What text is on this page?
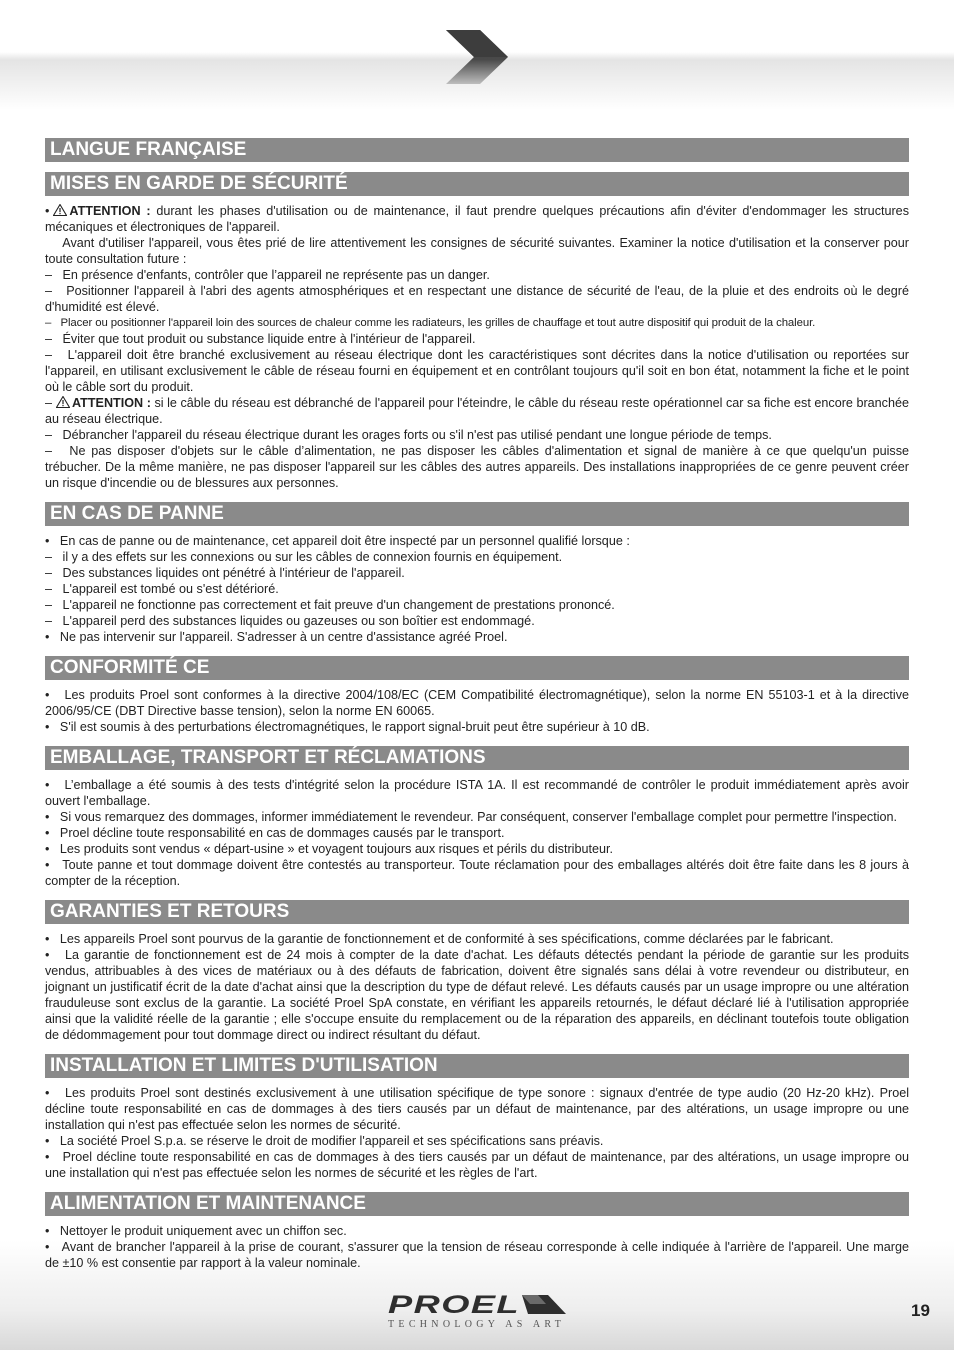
LANGUE FRANÇAISE
MISES EN GARDE DE SÉCURITÉ

• ATTENTION : durant les phases d'utilisation ou de maintenance, il faut prendre quelques précautions afin d'éviter d'endommager les structures mécaniques et électroniques de l'appareil.

Avant d'utiliser l'appareil, vous êtes prié de lire attentivement les consignes de sécurité suivantes. Examiner la notice d'utilisation et la conserver pour toute consultation future :

– En présence d'enfants, contrôler que l’appareil ne représente pas un danger.

– Positionner l'appareil à l'abri des agents atmosphériques et en respectant une distance de sécurité de l'eau, de la pluie et des endroits où le degré d'humidité est élevé.

– Placer ou positionner l'appareil loin des sources de chaleur comme les radiateurs, les grilles de chauffage et tout autre dispositif qui produit de la chaleur.

– Éviter que tout produit ou substance liquide entre à l'intérieur de l'appareil.

– L'appareil doit être branché exclusivement au réseau électrique dont les caractéristiques sont décrites dans la notice d'utilisation ou reportées sur l'appareil, en utilisant exclusivement le câble de réseau fourni en équipement et en contrôlant toujours qu'il soit en bon état, notamment la fiche et le point où le câble sort du produit.

– ATTENTION : si le câble du réseau est débranché de l'appareil pour l'éteindre, le câble du réseau reste opérationnel car sa fiche est encore branchée au réseau électrique.

– Débrancher l'appareil du réseau électrique durant les orages forts ou s'il n'est pas utilisé pendant une longue période de temps.

– Ne pas disposer d'objets sur le câble d’alimentation, ne pas disposer les câbles d'alimentation et signal de manière à ce que quelqu'un puisse trébucher. De la même manière, ne pas disposer l'appareil sur les câbles des autres appareils. Des installations inappropriées de ce genre peuvent créer un risque d'incendie ou de blessures aux personnes.

EN CAS DE PANNE

• En cas de panne ou de maintenance, cet appareil doit être inspecté par un personnel qualifié lorsque :

– il y a des effets sur les connexions ou sur les câbles de connexion fournis en équipement.

– Des substances liquides ont pénétré à l'intérieur de l'appareil.

– L'appareil est tombé ou s'est détérioré.

– L'appareil ne fonctionne pas correctement et fait preuve d'un changement de prestations prononcé.

– L'appareil perd des substances liquides ou gazeuses ou son boîtier est endommagé.

• Ne pas intervenir sur l'appareil. S'adresser à un centre d'assistance agréé Proel.

CONFORMITÉ CE

• Les produits Proel sont conformes à la directive 2004/108/EC (CEM Compatibilité électromagnétique), selon la norme EN 55103-1 et à la directive 2006/95/CE (DBT Directive basse tension), selon la norme EN 60065.

• S'il est soumis à des perturbations électromagnétiques, le rapport signal-bruit peut être supérieur à 10 dB.

EMBALLAGE, TRANSPORT ET RÉCLAMATIONS

• L’emballage a été soumis à des tests d'intégrité selon la procédure ISTA 1A. Il est recommandé de contrôler le produit immédiatement après avoir ouvert l'emballage.

• Si vous remarquez des dommages, informer immédiatement le revendeur. Par conséquent, conserver l'emballage complet pour permettre l'inspection.

• Proel décline toute responsabilité en cas de dommages causés par le transport.

• Les produits sont vendus « départ-usine » et voyagent toujours aux risques et périls du distributeur.

• Toute panne et tout dommage doivent être contestés au transporteur. Toute réclamation pour des emballages altérés doit être faite dans les 8 jours à compter de la réception.

GARANTIES ET RETOURS

• Les appareils Proel sont pourvus de la garantie de fonctionnement et de conformité à ses spécifications, comme déclarées par le fabricant.

• La garantie de fonctionnement est de 24 mois à compter de la date d'achat. Les défauts détectés pendant la période de garantie sur les produits vendus, attribuables à des vices de matériaux ou à des défauts de fabrication, doivent être signalés sans délai à votre revendeur ou distributeur, en joignant un justificatif écrit de la date d'achat ainsi que la description du type de défaut relevé. Les défauts causés par un usage impropre ou une altération frauduleuse sont exclus de la garantie. La société Proel SpA constate, en vérifiant les appareils retournés, le défaut déclaré lié à l'utilisation appropriée ainsi que la validité réelle de la garantie ; elle s'occupe ensuite du remplacement ou de la réparation des appareils, en déclinant toutefois toute obligation de dédommagement pour tout dommage direct ou indirect résultant du défaut.

INSTALLATION ET LIMITES D'UTILISATION

• Les produits Proel sont destinés exclusivement à une utilisation spécifique de type sonore : signaux d'entrée de type audio (20 Hz-20 kHz). Proel décline toute responsabilité en cas de dommages à des tiers causés par un défaut de maintenance, par des altérations, un usage impropre ou une installation qui n'est pas effectuée selon les normes de sécurité.

• La société Proel S.p.a. se réserve le droit de modifier l'appareil et ses spécifications sans préavis.

• Proel décline toute responsabilité en cas de dommages à des tiers causés par un défaut de maintenance, par des altérations, un usage impropre ou une installation qui n'est pas effectuée selon les normes de sécurité et les règles de l'art.

ALIMENTATION ET MAINTENANCE

• Nettoyer le produit uniquement avec un chiffon sec.

• Avant de brancher l'appareil à la prise de courant, s'assurer que la tension de réseau corresponde à celle indiquée à l'arrière de l'appareil. Une marge de ±10 % est consentie par rapport à la valeur nominale.

PROEL
TECHNOLOGY AS ART
19
